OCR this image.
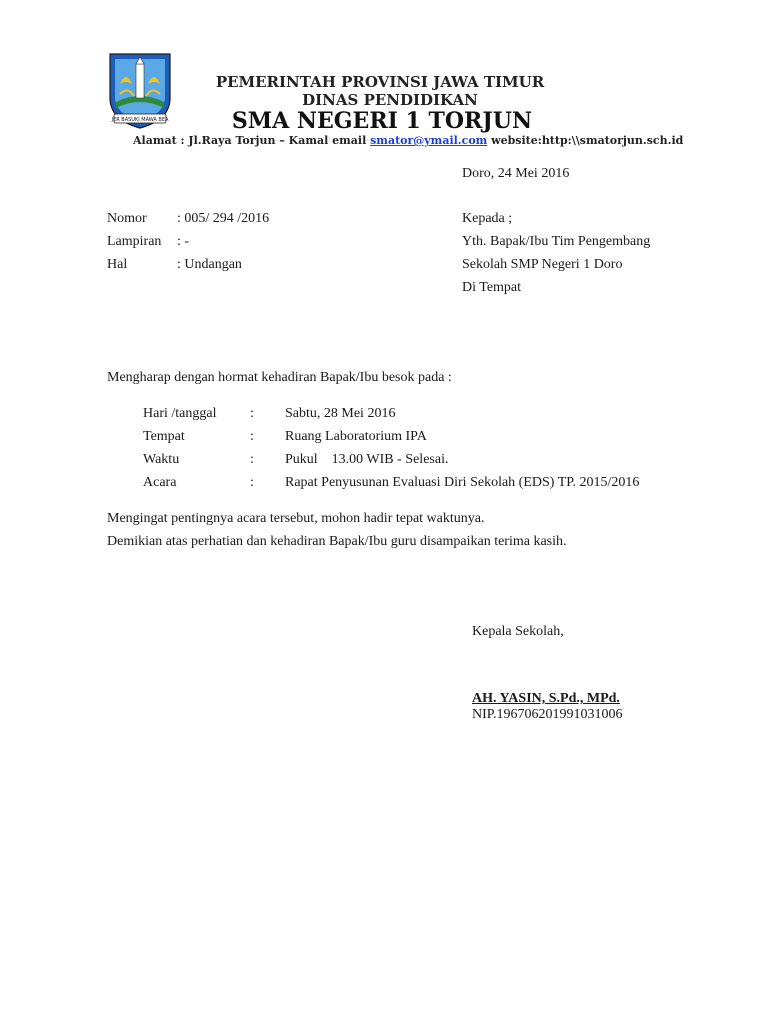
JER BASUKI MAWA BEA
PEMERINTAH PROVINSI JAWA TIMUR
DINAS PENDIDIKAN
SMA NEGERI 1 TORJUN
Alamat : Jl.Raya Torjun – Kamal email smator@ymail.com website:http:\\smatorjun.sch.id
Doro, 24 Mei 2016
Nomor : 005/ 294 /2016
Lampiran : -
Hal	: Undangan
Kepada ;
Yth. Bapak/Ibu Tim Pengembang
Sekolah SMP Negeri 1 Doro
Di Tempat
Mengharap dengan hormat kehadiran Bapak/Ibu besok pada :
Hari /tanggal : Sabtu, 28 Mei 2016
Tempat	: Ruang Laboratorium IPA
Waktu	: Pukul    13.00 WIB - Selesai.
Acara	: Rapat Penyusunan Evaluasi Diri Sekolah (EDS) TP. 2015/2016
Mengingat pentingnya acara tersebut, mohon hadir tepat waktunya.
Demikian atas perhatian dan kehadiran Bapak/Ibu guru disampaikan terima kasih.
Kepala Sekolah,
AH. YASIN, S.Pd., MPd.
NIP.196706201991031006
